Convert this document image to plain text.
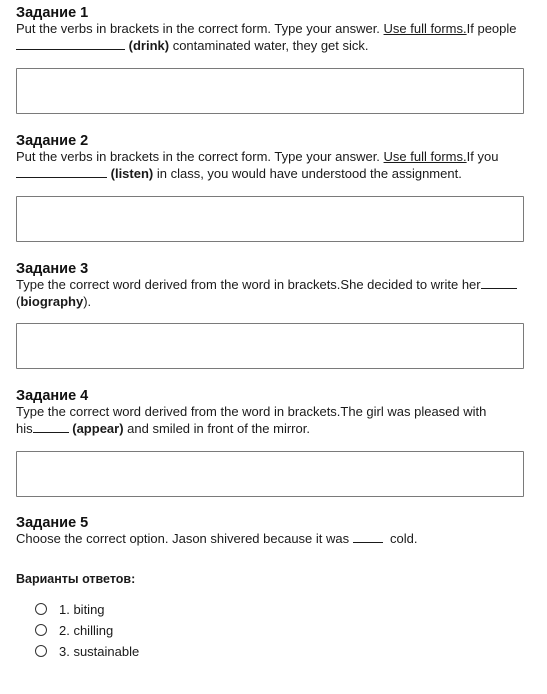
Задание 1

Put the verbs in brackets in the correct form. Type your answer. Use full forms.If people
(drink) contaminated water, they get sick.

Задание 2

Put the verbs in brackets in the correct form. Type your answer. Use full forms.If you
(listen) in class, you would have understood the assignment.

Задание 3

Type the correct word derived from the word in brackets.She decided to write her
(biography).

Задание 4

Type the correct word derived from the word in brackets.The girl was pleased with
his	(appear) and smiled in front of the mirror.

Задание 5

Choose the correct option. Jason shivered because it was	cold.

Варианты ответов:

1. biting
2. chilling
3. sustainable
